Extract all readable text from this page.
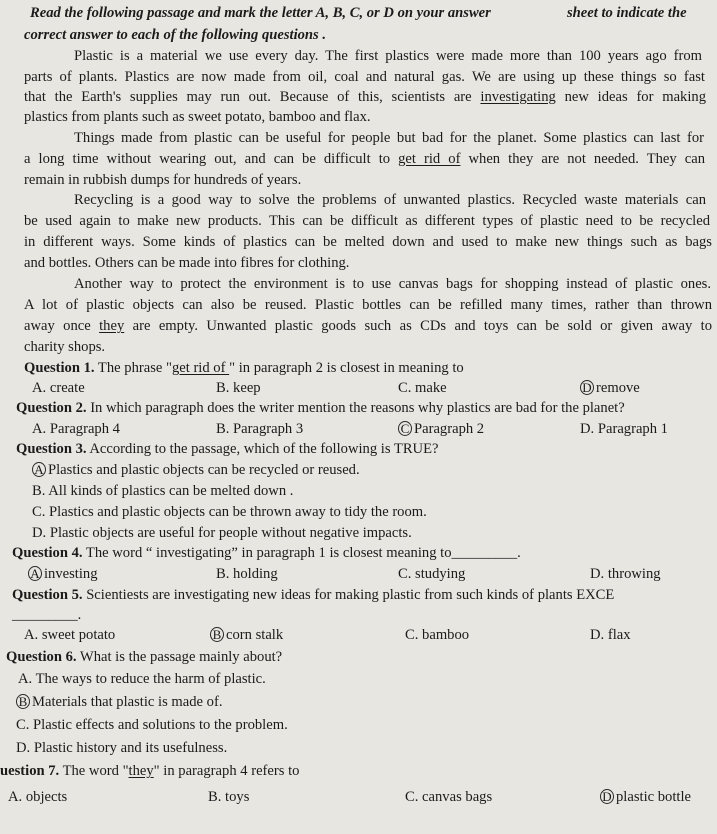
Read the following passage and mark the letter A, B, C, or D on your answer	sheet to indicate the
correct answer to each of the following questions .
Plastic is a material we use every day. The first plastics were made more than 100 years ago from
parts of plants. Plastics are now made from oil, coal and natural gas. We are using up these things so fast
that the Earth's supplies may run out. Because of this, scientists are investigating new ideas for making
plastics from plants such as sweet potato, bamboo and flax.
Things made from plastic can be useful for people but bad for the planet. Some plastics can last for
a long time without wearing out, and can be difficult to get rid of when they are not needed. They can
remain in rubbish dumps for hundreds of years.
Recycling is a good way to solve the problems of unwanted plastics. Recycled waste materials can
be used again to make new products. This can be difficult as different types of plastic need to be recycled
in different ways. Some kinds of plastics can be melted down and used to make new things such as bags
and bottles. Others can be made into fibres for clothing.
Another way to protect the environment is to use canvas bags for shopping instead of plastic ones.
A lot of plastic objects can also be reused. Plastic bottles can be refilled many times, rather than thrown
away once they are empty. Unwanted plastic goods such as CDs and toys can be sold or given away to
charity shops.
Question 1. The phrase "get rid of " in paragraph 2 is closest in meaning to
A. create	B. keep	C. make	D remove
Question 2. In which paragraph does the writer mention the reasons why plastics are bad for the planet?
A. Paragraph 4	B. Paragraph 3	C Paragraph 2	D. Paragraph 1
Question 3. According to the passage, which of the following is TRUE?
A Plastics and plastic objects can be recycled or reused.
B. All kinds of plastics can be melted down .
C. Plastics and plastic objects can be thrown away to tidy the room.
D. Plastic objects are useful for people without negative impacts.
Question 4. The word “ investigating” in paragraph 1 is closest meaning to_________.
A investing	B. holding	C. studying	D. throwing
Question 5. Scientiests are investigating new ideas for making plastic from such kinds of plants EXCE
_________.
A. sweet potato	B corn stalk	C. bamboo	D. flax
Question 6. What is the passage mainly about?
A. The ways to reduce the harm of plastic.
B Materials that plastic is made of.
C. Plastic effects and solutions to the problem.
D. Plastic history and its usefulness.
uestion 7. The word "they" in paragraph 4 refers to
A. objects	B. toys	C. canvas bags	D plastic bottle
